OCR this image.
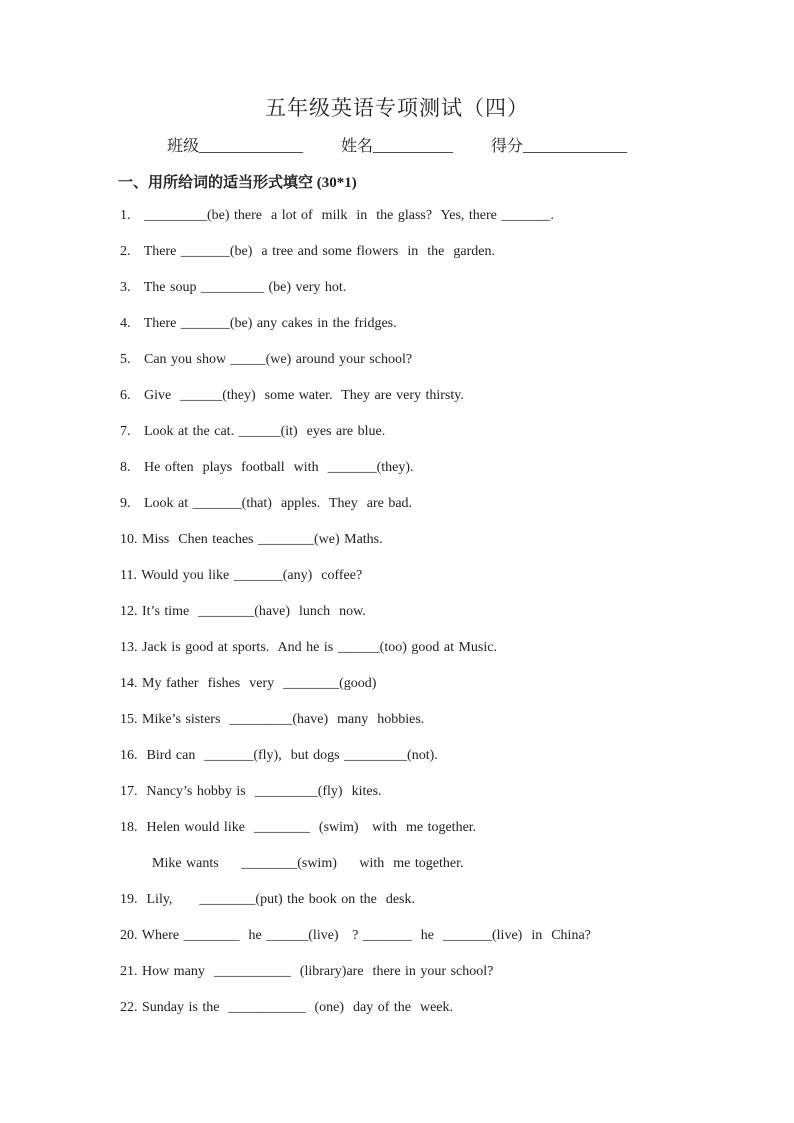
五年级英语专项测试（四）
班级_____________ 姓名__________ 得分_____________
一、用所给词的适当形式填空 (30*1)
1.   _________(be) there  a lot of  milk  in  the glass?  Yes, there _______.
2.   There _______(be)  a tree and some flowers  in  the  garden.
3.   The soup _________ (be) very hot.
4.   There _______(be) any cakes in the fridges.
5.   Can you show _____(we) around your school?
6.   Give  ______(they)  some water.  They are very thirsty.
7.   Look at the cat. ______(it)  eyes are blue.
8.   He often  plays  football  with  _______(they).
9.   Look at _______(that)  apples.  They  are bad.
10. Miss  Chen teaches ________(we) Maths.
11. Would you like _______(any)  coffee?
12. It’s time  ________(have)  lunch  now.
13. Jack is good at sports.  And he is ______(too) good at Music.
14. My father  fishes  very  ________(good)
15. Mike’s sisters  _________(have)  many  hobbies.
16.  Bird can  _______(fly),  but dogs _________(not).
17.  Nancy’s hobby is  _________(fly)  kites.
18.  Helen would like  ________  (swim)   with  me together.
Mike wants     ________(swim)     with  me together.
19.  Lily,      ________(put) the book on the  desk.
20. Where ________  he ______(live)   ? _______  he  _______(live)  in  China?
21. How many  ___________  (library)are  there in your school?
22. Sunday is the  ___________  (one)  day of the  week.
